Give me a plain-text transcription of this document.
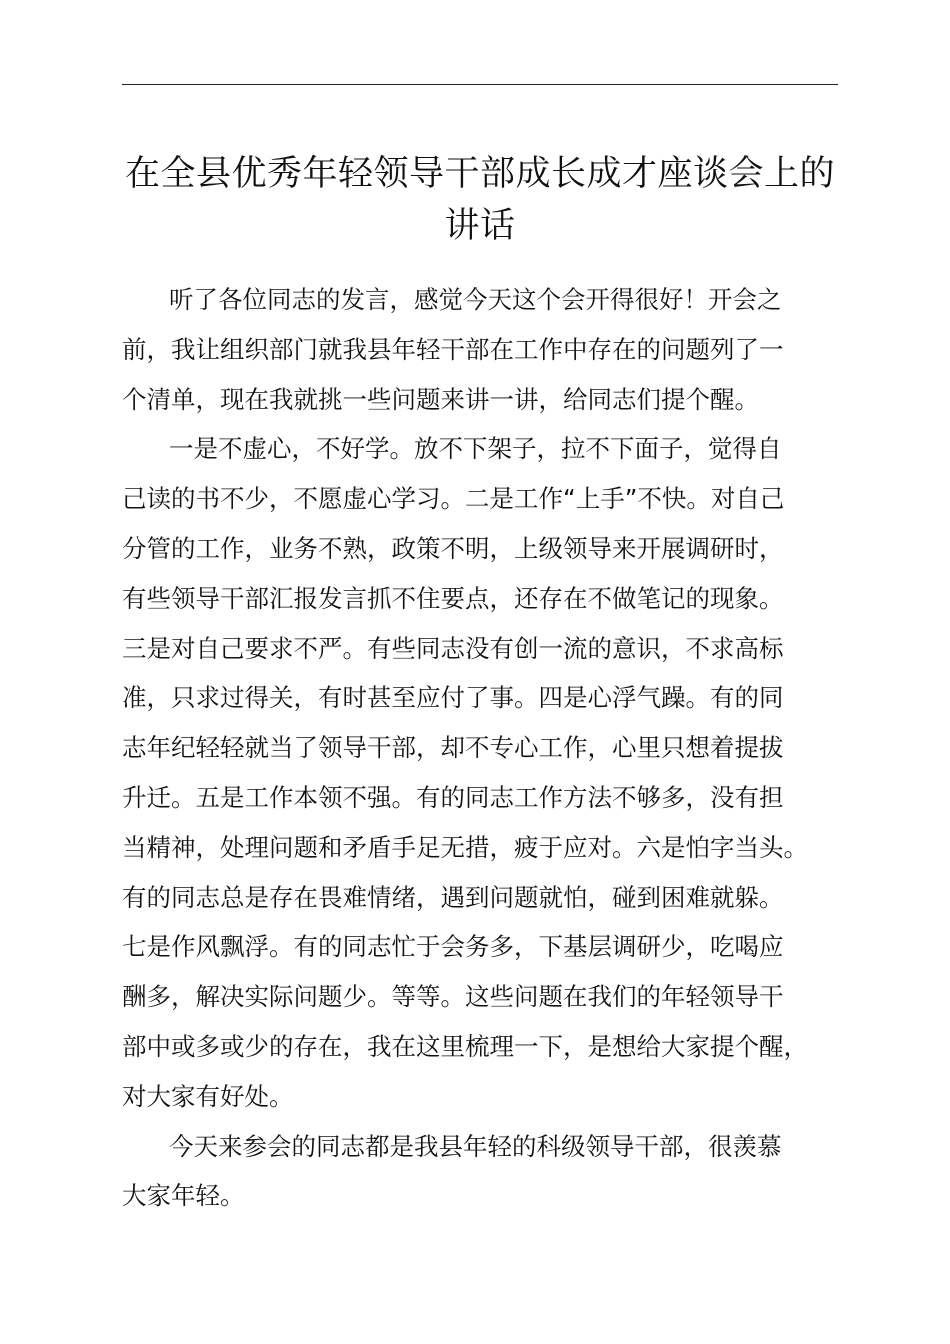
在全县优秀年轻领导干部成长成才座谈会上的
讲话

听了各位同志的发言，感觉今天这个会开得很好！开会之
前，我让组织部门就我县年轻干部在工作中存在的问题列了一
个清单，现在我就挑一些问题来讲一讲，给同志们提个醒。

一是不虚心，不好学。放不下架子，拉不下面子，觉得自
己读的书不少，不愿虚心学习。二是工作“上手”不快。对自己
分管的工作，业务不熟，政策不明，上级领导来开展调研时，
有些领导干部汇报发言抓不住要点，还存在不做笔记的现象。
三是对自己要求不严。有些同志没有创一流的意识，不求高标
准，只求过得关，有时甚至应付了事。四是心浮气躁。有的同
志年纪轻轻就当了领导干部，却不专心工作，心里只想着提拔
升迁。五是工作本领不强。有的同志工作方法不够多，没有担
当精神，处理问题和矛盾手足无措，疲于应对。六是怕字当头。
有的同志总是存在畏难情绪，遇到问题就怕，碰到困难就躲。
七是作风飘浮。有的同志忙于会务多，下基层调研少，吃喝应
酬多，解决实际问题少。等等。这些问题在我们的年轻领导干
部中或多或少的存在，我在这里梳理一下，是想给大家提个醒，
对大家有好处。

今天来参会的同志都是我县年轻的科级领导干部，很羡慕
大家年轻。
